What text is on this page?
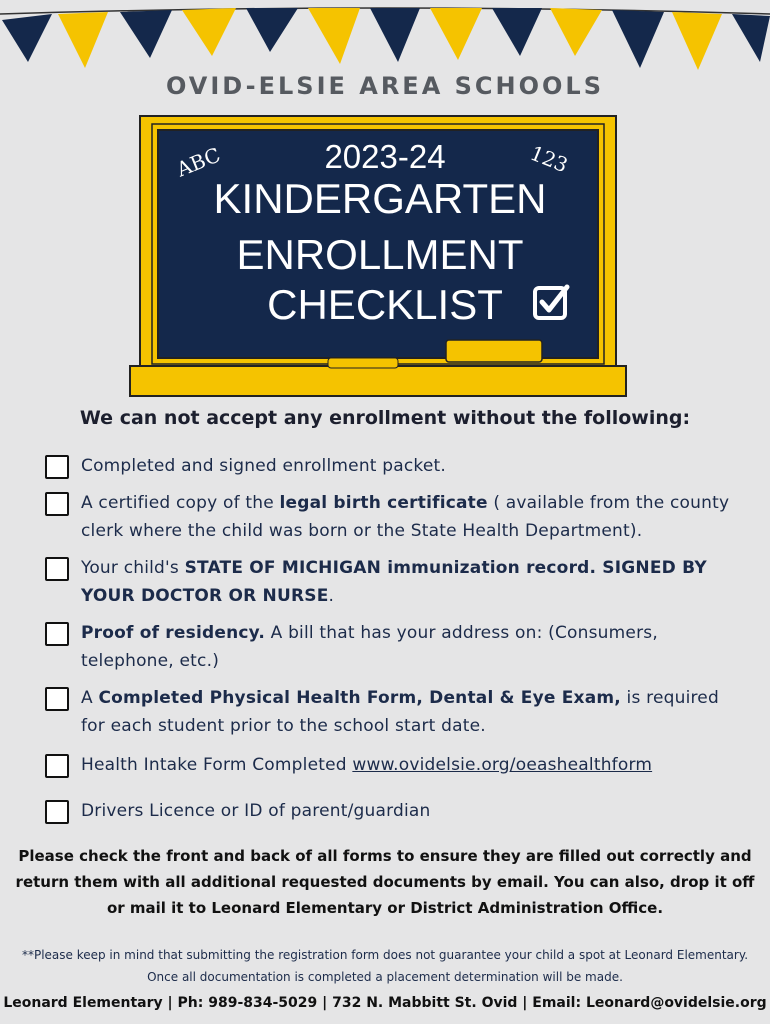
OVID-ELSIE AREA SCHOOLS
ABC	123
2023-24
KINDERGARTEN
ENROLLMENT
CHECKLIST
We can not accept any enrollment without the following:
Completed and signed enrollment packet.
A certified copy of the legal birth certificate ( available from the county clerk where the child was born or the State Health Department).
Your child's STATE OF MICHIGAN immunization record. SIGNED BY YOUR DOCTOR OR NURSE.
Proof of residency. A bill that has your address on: (Consumers, telephone, etc.)
A Completed Physical Health Form, Dental & Eye Exam, is required for each student prior to the school start date.
Health Intake Form Completed www.ovidelsie.org/oeashealthform
Drivers Licence or ID of parent/guardian
Please check the front and back of all forms to ensure they are filled out correctly and return them with all additional requested documents by email. You can also, drop it off or mail it to Leonard Elementary or District Administration Office.
**Please keep in mind that submitting the registration form does not guarantee your child a spot at Leonard Elementary. Once all documentation is completed a placement determination will be made.
Leonard Elementary | Ph: 989-834-5029 | 732 N. Mabbitt St. Ovid | Email: Leonard@ovidelsie.org
